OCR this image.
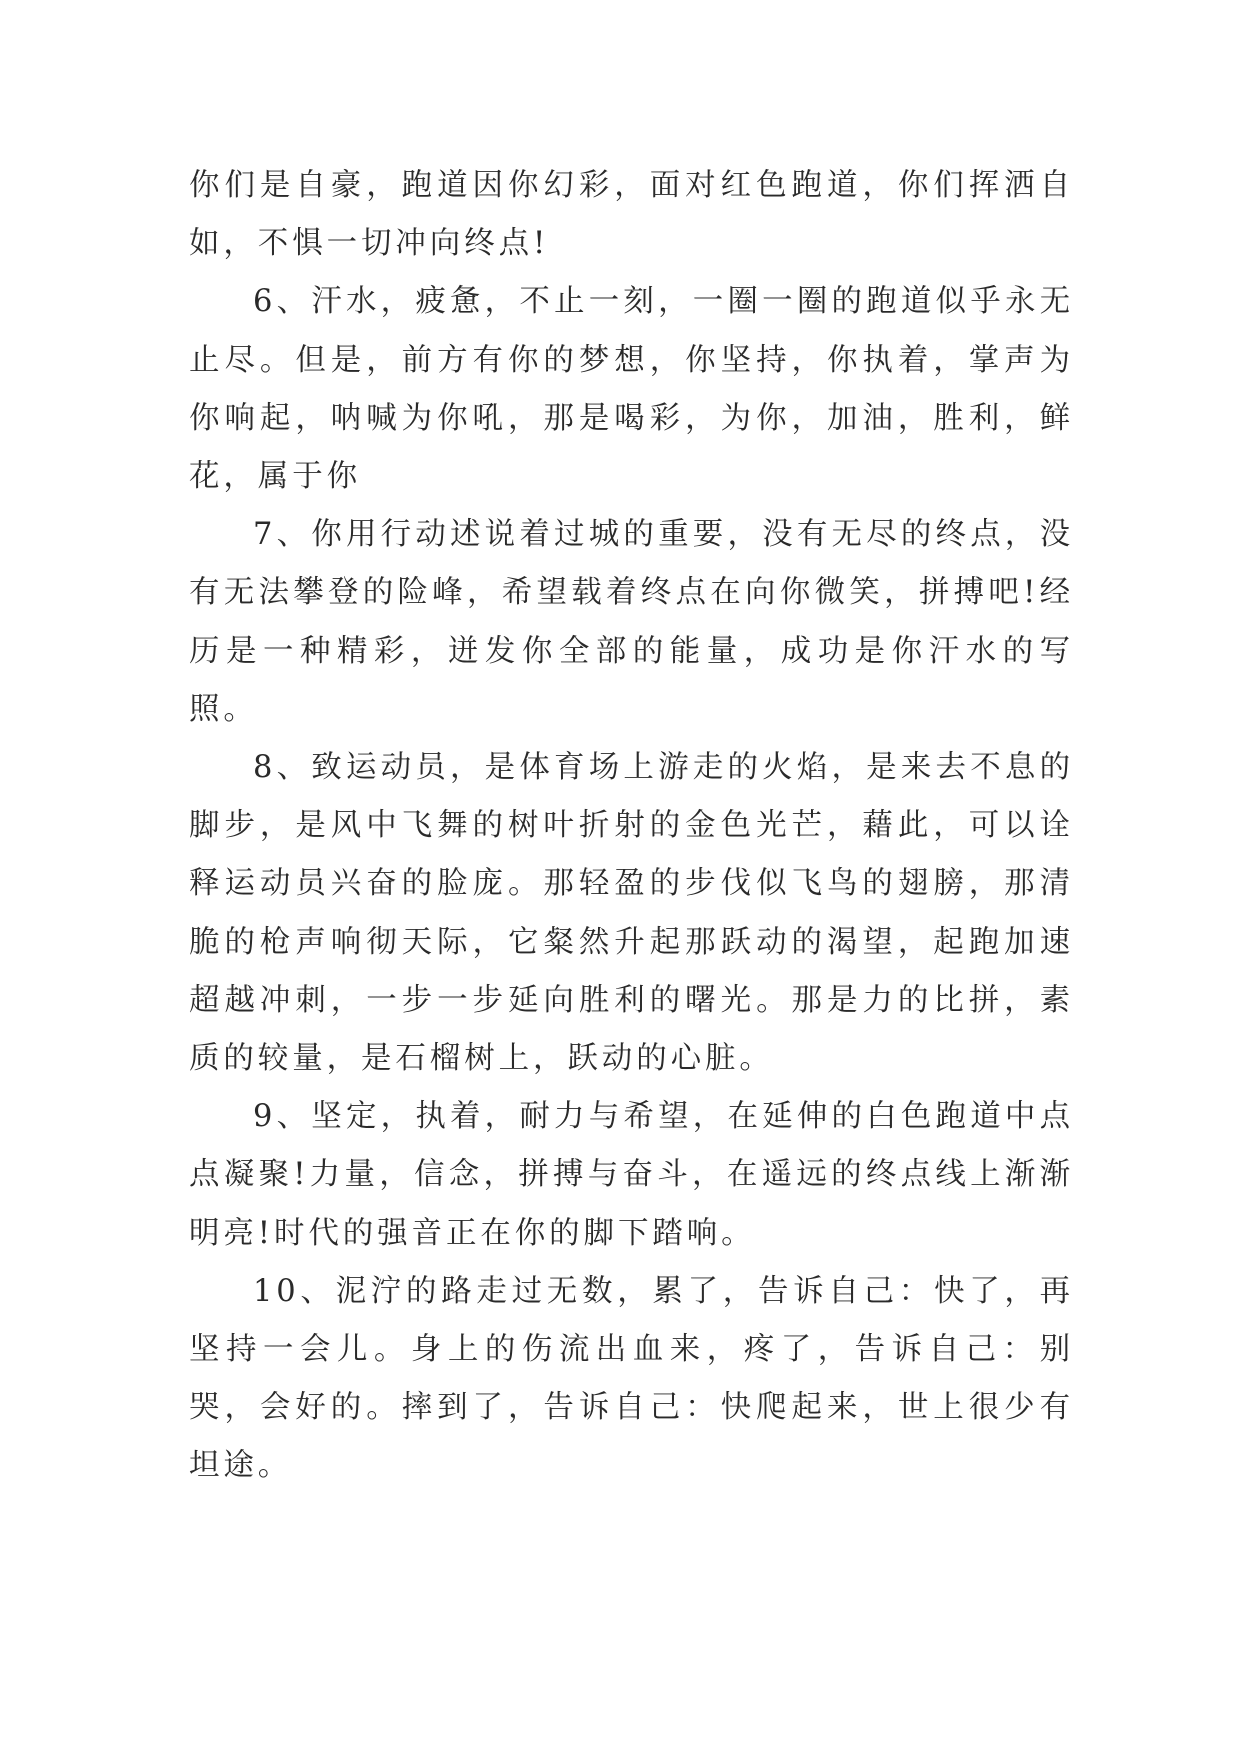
你们是自豪，跑道因你幻彩，面对红色跑道，你们挥洒自如，不惧一切冲向终点!

6、汗水，疲惫，不止一刻，一圈一圈的跑道似乎永无止尽。但是，前方有你的梦想，你坚持，你执着，掌声为你响起，呐喊为你吼，那是喝彩，为你，加油，胜利，鲜花，属于你

7、你用行动述说着过城的重要，没有无尽的终点，没有无法攀登的险峰，希望载着终点在向你微笑，拼搏吧!经历是一种精彩，迸发你全部的能量，成功是你汗水的写照。

8、致运动员，是体育场上游走的火焰，是来去不息的脚步，是风中飞舞的树叶折射的金色光芒，藉此，可以诠释运动员兴奋的脸庞。那轻盈的步伐似飞鸟的翅膀，那清脆的枪声响彻天际，它粲然升起那跃动的渴望，起跑加速超越冲刺，一步一步延向胜利的曙光。那是力的比拼，素质的较量，是石榴树上，跃动的心脏。

9、坚定，执着，耐力与希望，在延伸的白色跑道中点点凝聚!力量，信念，拼搏与奋斗，在遥远的终点线上渐渐明亮!时代的强音正在你的脚下踏响。

10、泥泞的路走过无数，累了，告诉自己：快了，再坚持一会儿。身上的伤流出血来，疼了，告诉自己：别哭，会好的。摔到了，告诉自己：快爬起来，世上很少有坦途。
